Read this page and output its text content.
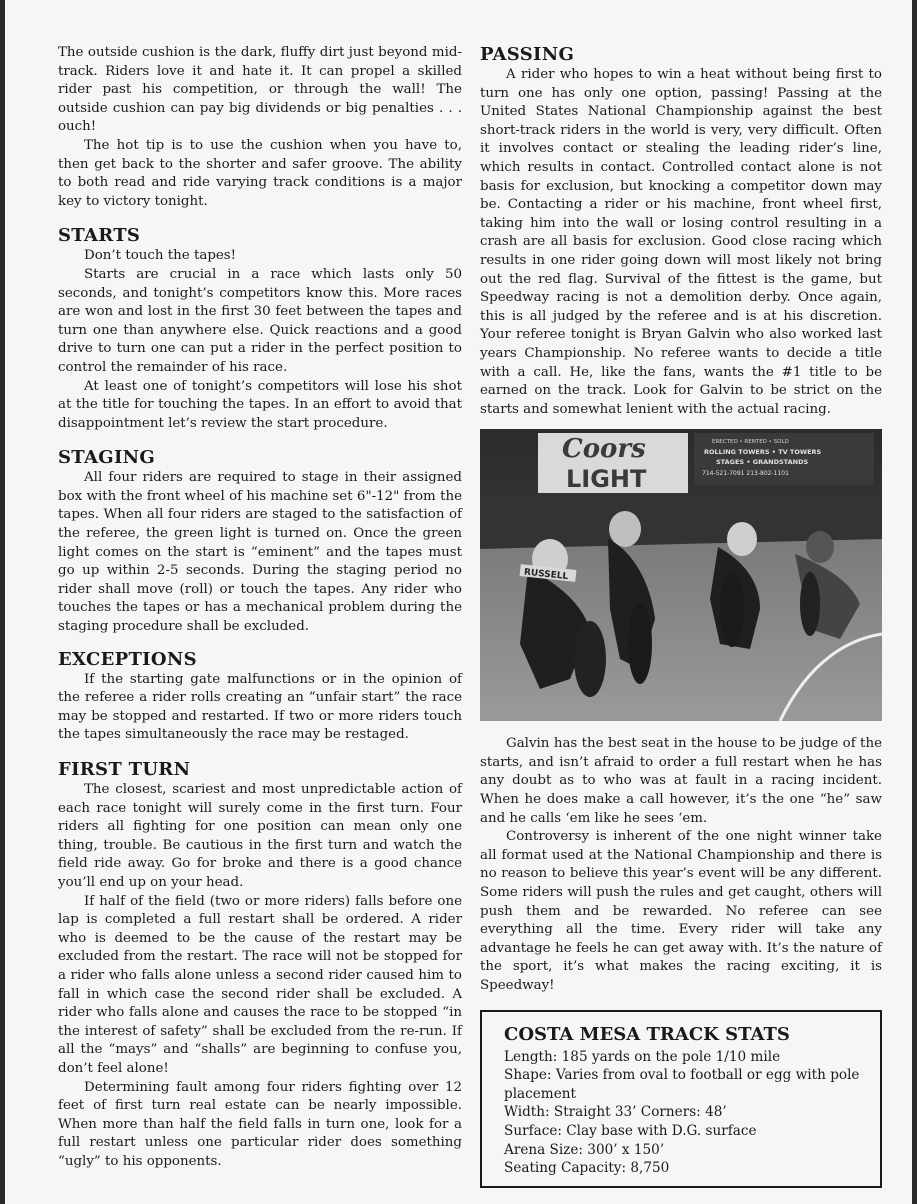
The outside cushion is the dark, fluffy dirt just beyond mid-track. Riders love it and hate it. It can propel a skilled rider past his competition, or through the wall! The outside cushion can pay big dividends or big penalties . . . ouch!

The hot tip is to use the cushion when you have to, then get back to the shorter and safer groove. The ability to both read and ride varying track conditions is a major key to victory tonight.

STARTS

Don’t touch the tapes!

Starts are crucial in a race which lasts only 50 seconds, and tonight’s competitors know this. More races are won and lost in the first 30 feet between the tapes and turn one than anywhere else. Quick reactions and a good drive to turn one can put a rider in the perfect position to control the remainder of his race.

At least one of tonight’s competitors will lose his shot at the title for touching the tapes. In an effort to avoid that disappointment let’s review the start procedure.

STAGING

All four riders are required to stage in their assigned box with the front wheel of his machine set 6"-12" from the tapes. When all four riders are staged to the satisfaction of the referee, the green light is turned on. Once the green light comes on the start is “eminent” and the tapes must go up within 2-5 seconds. During the staging period no rider shall move (roll) or touch the tapes. Any rider who touches the tapes or has a mechanical problem during the staging procedure shall be excluded.

EXCEPTIONS

If the starting gate malfunctions or in the opinion of the referee a rider rolls creating an “unfair start” the race may be stopped and restarted. If two or more riders touch the tapes simultaneously the race may be restaged.

FIRST TURN

The closest, scariest and most unpredictable action of each race tonight will surely come in the first turn. Four riders all fighting for one position can mean only one thing, trouble. Be cautious in the first turn and watch the field ride away. Go for broke and there is a good chance you’ll end up on your head.

If half of the field (two or more riders) falls before one lap is completed a full restart shall be ordered. A rider who is deemed to be the cause of the restart may be excluded from the restart. The race will not be stopped for a rider who falls alone unless a second rider caused him to fall in which case the second rider shall be excluded. A rider who falls alone and causes the race to be stopped “in the interest of safety” shall be excluded from the re-run. If all the “mays” and “shalls” are beginning to confuse you, don’t feel alone!

Determining fault among four riders fighting over 12 feet of first turn real estate can be nearly impossible. When more than half the field falls in turn one, look for a full restart unless one particular rider does something “ugly” to his opponents.

PASSING

A rider who hopes to win a heat without being first to turn one has only one option, passing! Passing at the United States National Championship against the best short-track riders in the world is very, very difficult. Often it involves contact or stealing the leading rider’s line, which results in contact. Controlled contact alone is not basis for exclusion, but knocking a competitor down may be. Contacting a rider or his machine, front wheel first, taking him into the wall or losing control resulting in a crash are all basis for exclusion. Good close racing which results in one rider going down will most likely not bring out the red flag. Survival of the fittest is the game, but Speedway racing is not a demolition derby. Once again, this is all judged by the referee and is at his discretion. Your referee tonight is Bryan Galvin who also worked last years Championship. No referee wants to decide a title with a call. He, like the fans, wants the #1 title to be earned on the track. Look for Galvin to be strict on the starts and somewhat lenient with the actual racing.

Coors
LIGHT
ERECTED • RENTED • SOLD
ROLLING TOWERS • TV TOWERS
STAGES • GRANDSTANDS
714-521-7091 213-802-1101
RUSSELL

Galvin has the best seat in the house to be judge of the starts, and isn’t afraid to order a full restart when he has any doubt as to who was at fault in a racing incident. When he does make a call however, it’s the one “he” saw and he calls ‘em like he sees ‘em.

Controversy is inherent of the one night winner take all format used at the National Championship and there is no reason to believe this year’s event will be any different. Some riders will push the rules and get caught, others will push them and be rewarded. No referee can see everything all the time. Every rider will take any advantage he feels he can get away with. It’s the nature of the sport, it’s what makes the racing exciting, it is Speedway!

COSTA MESA TRACK STATS
Length: 185 yards on the pole 1/10 mile
Shape: Varies from oval to football or egg with pole placement
Width: Straight 33’ Corners: 48’
Surface: Clay base with D.G. surface
Arena Size: 300’ x 150’
Seating Capacity: 8,750
